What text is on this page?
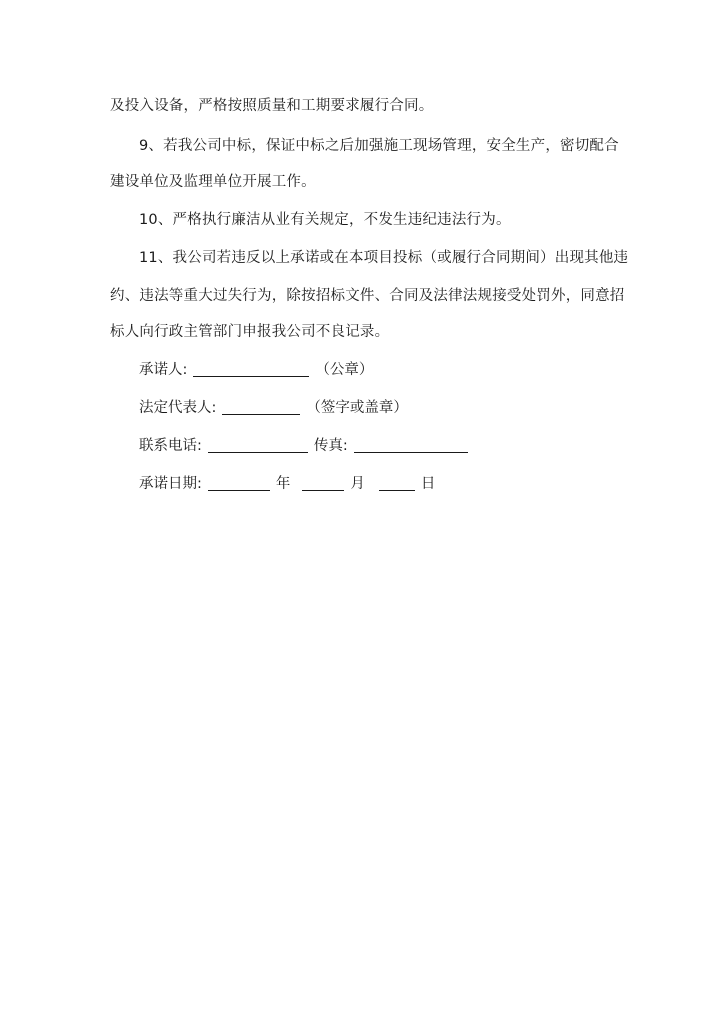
及投入设备，严格按照质量和工期要求履行合同。
9、若我公司中标，保证中标之后加强施工现场管理，安全生产，密切配合
建设单位及监理单位开展工作。
10、严格执行廉洁从业有关规定，不发生违纪违法行为。
11、我公司若违反以上承诺或在本项目投标（或履行合同期间）出现其他违
约、违法等重大过失行为，除按招标文件、合同及法律法规接受处罚外，同意招
标人向行政主管部门申报我公司不良记录。
承诺人:	（公章）
法定代表人:	（签字或盖章）
联系电话:	传真:
承诺日期:	年	月	日
